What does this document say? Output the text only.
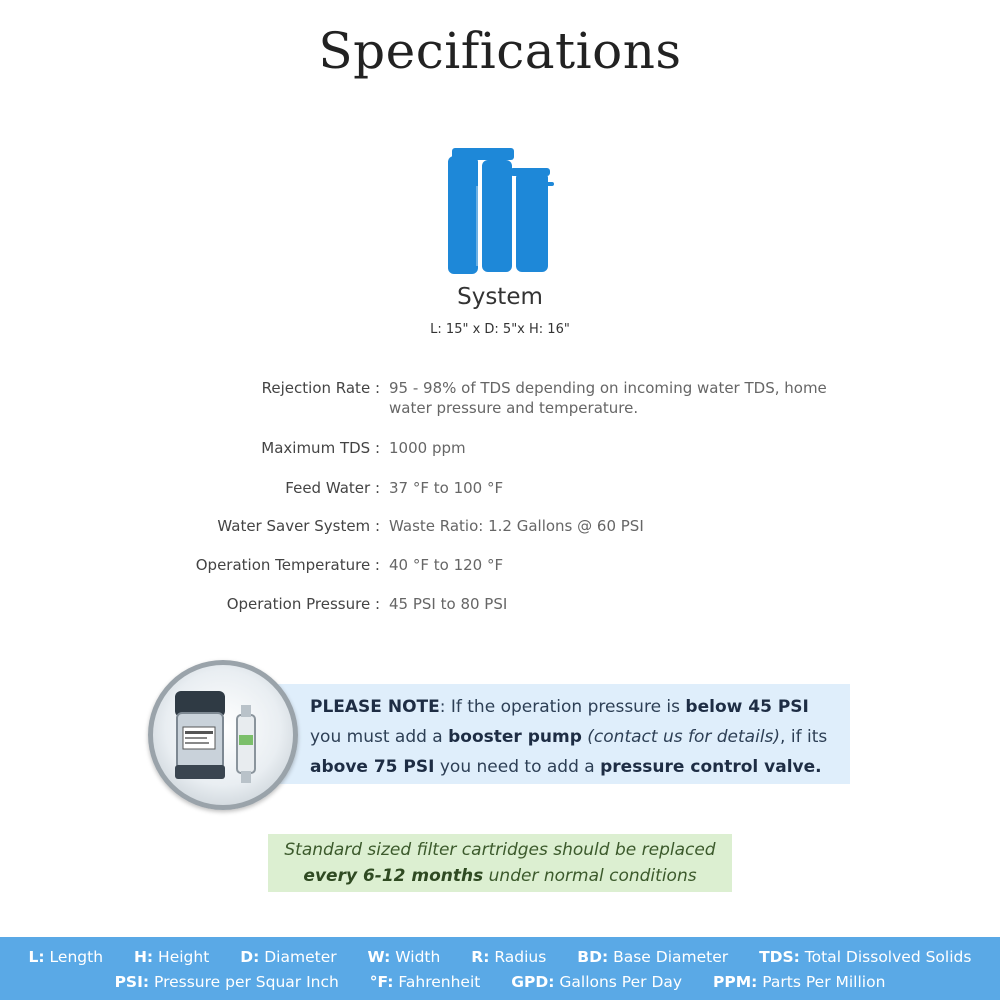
Specifications
System
L: 15" x D: 5"x H: 16"
Rejection Rate : 95 - 98% of TDS depending on incoming water TDS, home water pressure and temperature.
Maximum TDS : 1000 ppm
Feed Water : 37 °F to 100 °F
Water Saver System : Waste Ratio: 1.2 Gallons @ 60 PSI
Operation Temperature : 40 °F to 120 °F
Operation Pressure : 45 PSI to 80 PSI
PLEASE NOTE: If the operation pressure is below 45 PSI you must add a booster pump (contact us for details), if its above 75 PSI you need to add a pressure control valve.
Standard sized filter cartridges should be replaced
every 6-12 months under normal conditions
L: Length H: Height D: Diameter W: Width R: Radius BD: Base Diameter TDS: Total Dissolved Solids
PSI: Pressure per Squar Inch °F: Fahrenheit GPD: Gallons Per Day PPM: Parts Per Million
